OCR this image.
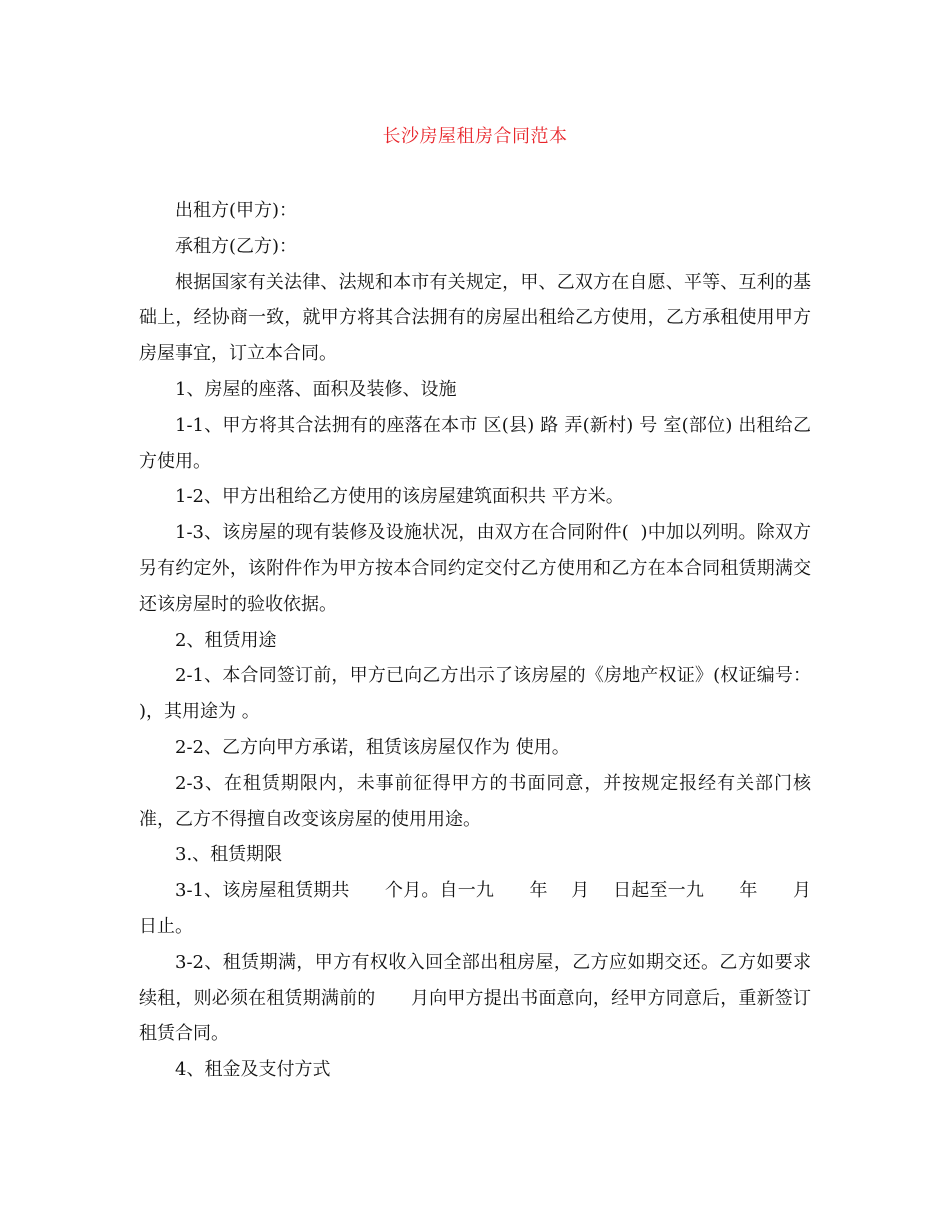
长沙房屋租房合同范本

出租方(甲方)：

承租方(乙方)：

根据国家有关法律、法规和本市有关规定，甲、乙双方在自愿、平等、互利的基础上，经协商一致，就甲方将其合法拥有的房屋出租给乙方使用，乙方承租使用甲方房屋事宜，订立本合同。

1、房屋的座落、面积及装修、设施

1-1、甲方将其合法拥有的座落在本市 区(县) 路 弄(新村) 号 室(部位) 出租给乙方使用。

1-2、甲方出租给乙方使用的该房屋建筑面积共 平方米。

1-3、该房屋的现有装修及设施状况，由双方在合同附件(  )中加以列明。除双方另有约定外，该附件作为甲方按本合同约定交付乙方使用和乙方在本合同租赁期满交还该房屋时的验收依据。

2、租赁用途

2-1、本合同签订前，甲方已向乙方出示了该房屋的《房地产权证》(权证编号： )，其用途为 。

2-2、乙方向甲方承诺，租赁该房屋仅作为 使用。

2-3、在租赁期限内，未事前征得甲方的书面同意，并按规定报经有关部门核准，乙方不得擅自改变该房屋的使用用途。

3.、租赁期限

3-1、该房屋租赁期共      个月。自一九      年    月    日起至一九      年      月      日止。

3-2、租赁期满，甲方有权收入回全部出租房屋，乙方应如期交还。乙方如要求续租，则必须在租赁期满前的      月向甲方提出书面意向，经甲方同意后，重新签订租赁合同。

4、租金及支付方式
